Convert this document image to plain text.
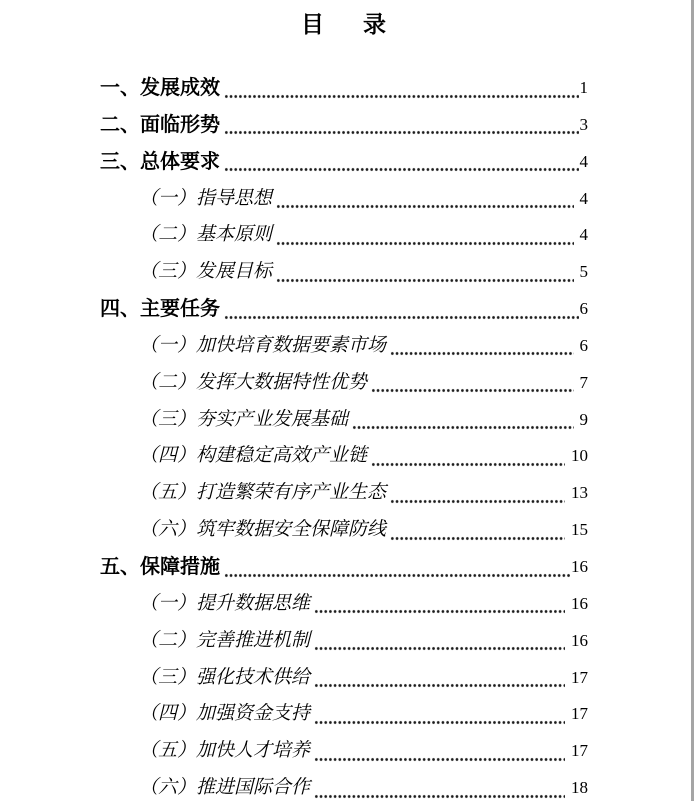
目　录
一、发展成效	1
二、面临形势	3
三、总体要求	4
（一）指导思想	4
（二）基本原则	4
（三）发展目标	5
四、主要任务	6
（一）加快培育数据要素市场	6
（二）发挥大数据特性优势	7
（三）夯实产业发展基础	9
（四）构建稳定高效产业链	10
（五）打造繁荣有序产业生态	13
（六）筑牢数据安全保障防线	15
五、保障措施	16
（一）提升数据思维	16
（二）完善推进机制	16
（三）强化技术供给	17
（四）加强资金支持	17
（五）加快人才培养	17
（六）推进国际合作	18
